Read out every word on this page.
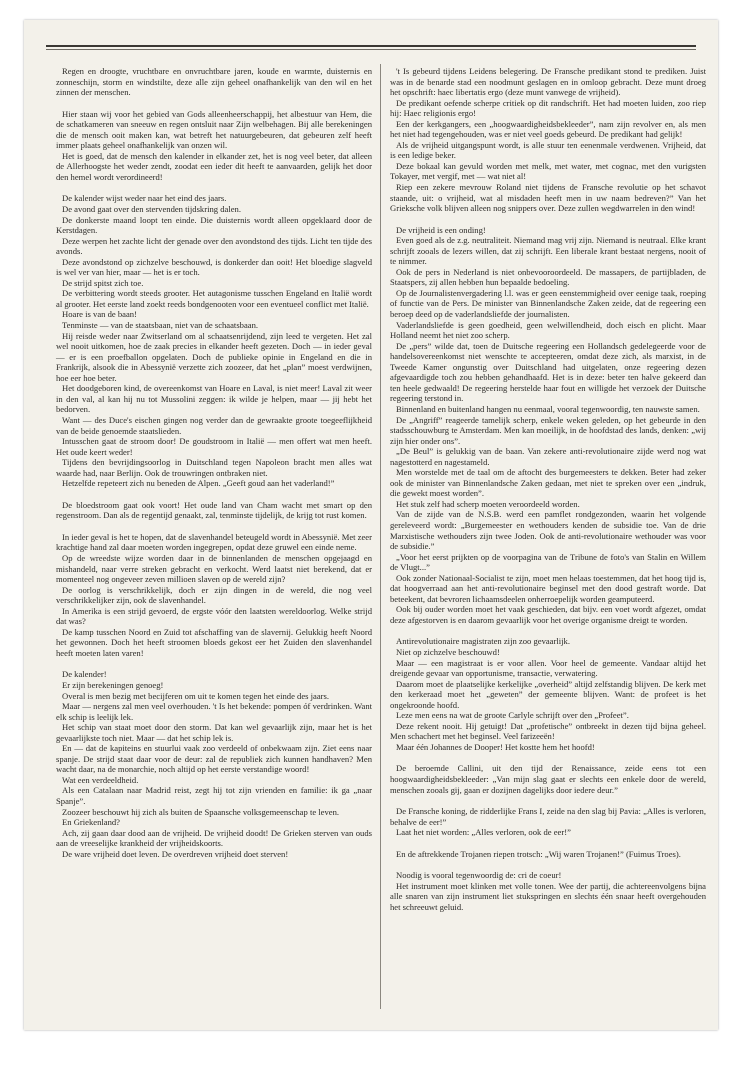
Regen en droogte, vruchtbare en onvruchtbare jaren, koude en warmte, duisternis en zonneschijn, storm en windstilte, deze alle zijn geheel onafhankelijk van den wil en het zinnen der menschen.

Hier staan wij voor het gebied van Gods alleenheerschappij, het albestuur van Hem, die de schatkameren van sneeuw en regen ontsluit naar Zijn welbehagen. Bij alle berekeningen die de mensch ooit maken kan, wat betreft het natuurgebeuren, dat gebeuren zelf heeft immer plaats geheel onafhankelijk van onzen wil.

Het is goed, dat de mensch den kalender in elkander zet, het is nog veel beter, dat alleen de Allerhoogste het weder zendt, zoodat een ieder dit heeft te aanvaarden, gelijk het door den hemel wordt verordineerd!

De kalender wijst weder naar het eind des jaars.

De avond gaat over den stervenden tijdskring dalen.

De donkerste maand loopt ten einde. Die duisternis wordt alleen opgeklaard door de Kerstdagen.

Deze werpen het zachte licht der genade over den avondstond des tijds. Licht ten tijde des avonds.

Deze avondstond op zichzelve beschouwd, is donkerder dan ooit! Het bloedige slagveld is wel ver van hier, maar — het is er toch.

De strijd spitst zich toe.

De verbittering wordt steeds grooter. Het autagonisme tusschen Engeland en Italië wordt al grooter. Het eerste land zoekt reeds bondgenooten voor een eventueel conflict met Italië.

Hoare is van de baan!

Tenminste — van de staatsbaan, niet van de schaatsbaan.

Hij reisde weder naar Zwitserland om al schaatsenrijdend, zijn leed te vergeten. Het zal wel nooit uitkomen, hoe de zaak precies in elkander heeft gezeten. Doch — in ieder geval — er is een proefballon opgelaten. Doch de publieke opinie in Engeland en die in Frankrijk, alsook die in Abessynië verzette zich zoozeer, dat het „plan” moest verdwijnen, hoe eer hoe beter.

Het doodgeboren kind, de overeenkomst van Hoare en Laval, is niet meer! Laval zit weer in den val, al kan hij nu tot Mussolini zeggen: ik wilde je helpen, maar — jij hebt het bedorven.

Want — des Duce's eischen gingen nog verder dan de gewraakte groote toegeeflijkheid van de beide genoemde staatslieden.

Intusschen gaat de stroom door! De goudstroom in Italië — men offert wat men heeft. Het oude keert weder!

Tijdens den bevrijdingsoorlog in Duitschland tegen Napoleon bracht men alles wat waarde had, naar Berlijn. Ook de trouwringen ontbraken niet.

Hetzelfde repeteert zich nu beneden de Alpen. „Geeft goud aan het vaderland!”

De bloedstroom gaat ook voort! Het oude land van Cham wacht met smart op den regenstroom. Dan als de regentijd genaakt, zal, tenminste tijdelijk, de krijg tot rust komen.

In ieder geval is het te hopen, dat de slavenhandel beteugeld wordt in Abessynië. Met zeer krachtige hand zal daar moeten worden ingegrepen, opdat deze gruwel een einde neme.

Op de wreedste wijze worden daar in de binnenlanden de menschen opgejaagd en mishandeld, naar verre streken gebracht en verkocht. Werd laatst niet berekend, dat er momenteel nog ongeveer zeven millioen slaven op de wereld zijn?

De oorlog is verschrikkelijk, doch er zijn dingen in de wereld, die nog veel verschrikkelijker zijn, ook de slavenhandel.

In Amerika is een strijd gevoerd, de ergste vóór den laatsten wereldoorlog. Welke strijd dat was?

De kamp tusschen Noord en Zuid tot afschaffing van de slavernij. Gelukkig heeft Noord het gewonnen. Doch het heeft stroomen bloeds gekost eer het Zuiden den slavenhandel heeft moeten laten varen!

De kalender!

Er zijn berekeningen genoeg!

Overal is men bezig met becijferen om uit te komen tegen het einde des jaars.

Maar — nergens zal men veel overhouden. 't Is het bekende: pompen óf verdrinken. Want elk schip is leelijk lek.

Het schip van staat moet door den storm. Dat kan wel gevaarlijk zijn, maar het is het gevaarlijkste toch niet. Maar — dat het schip lek is.

En — dat de kapiteins en stuurlui vaak zoo verdeeld of onbekwaam zijn. Ziet eens naar spanje. De strijd staat daar voor de deur: zal de republiek zich kunnen handhaven? Men wacht daar, na de monarchie, noch altijd op het eerste verstandige woord!

Wat een verdeeldheid.

Als een Catalaan naar Madrid reist, zegt hij tot zijn vrienden en familie: ik ga „naar Spanje”.

Zoozeer beschouwt hij zich als buiten de Spaansche volksgemeenschap te leven.

En Griekenland?

Ach, zij gaan daar dood aan de vrijheid. De vrijheid doodt! De Grieken sterven van ouds aan de vreeselijke krankheid der vrijheidskoorts.

De ware vrijheid doet leven. De overdreven vrijheid doet sterven!

't Is gebeurd tijdens Leidens belegering. De Fransche predikant stond te prediken. Juist was in de benarde stad een noodmunt geslagen en in omloop gebracht. Deze munt droeg het opschrift: haec libertatis ergo (deze munt vanwege de vrijheid).

De predikant oefende scherpe critiek op dit randschrift. Het had moeten luiden, zoo riep hij: Haec religionis ergo!

Een der kerkgangers, een „hoogwaardigheidsbekleeder”, nam zijn revolver en, als men het niet had tegengehouden, was er niet veel goeds gebeurd. De predikant had gelijk!

Als de vrijheid uitgangspunt wordt, is alle stuur ten eenenmale verdwenen. Vrijheid, dat is een ledige beker.

Deze bokaal kan gevuld worden met melk, met water, met cognac, met den vurigsten Tokayer, met vergif, met — wat niet al!

Riep een zekere mevrouw Roland niet tijdens de Fransche revolutie op het schavot staande, uit: o vrijheid, wat al misdaden heeft men in uw naam bedreven?” Van het Grieksche volk blijven alleen nog snippers over. Deze zullen wegdwarrelen in den wind!

De vrijheid is een onding!

Even goed als de z.g. neutraliteit. Niemand mag vrij zijn. Niemand is neutraal. Elke krant schrijft zooals de lezers willen, dat zij schrijft. Een liberale krant bestaat nergens, nooit of te nimmer.

Ook de pers in Nederland is niet onbevooroordeeld. De massapers, de partijbladen, de Staatspers, zij allen hebben hun bepaalde bedoeling.

Op de Journalistenvergadering l.l. was er geen eenstemmigheid over eenige taak, roeping of functie van de Pers. De minister van Binnenlandsche Zaken zeide, dat de regeering een beroep deed op de vaderlandsliefde der journalisten.

Vaderlandsliefde is geen goedheid, geen welwillendheid, doch eisch en plicht. Maar Holland neemt het niet zoo scherp.

De „pers” wilde dat, toen de Duitsche regeering een Hollandsch gedelegeerde voor de handelsovereenkomst niet wenschte te accepteeren, omdat deze zich, als marxist, in de Tweede Kamer ongunstig over Duitschland had uitgelaten, onze regeering dezen afgevaardigde toch zou hebben gehandhaafd. Het is in deze: beter ten halve gekeerd dan ten heele gedwaald! De regeering herstelde haar fout en willigde het verzoek der Duitsche regeering terstond in.

Binnenland en buitenland hangen nu eenmaal, vooral tegenwoordig, ten nauwste samen.

De „Angriff” reageerde tamelijk scherp, enkele weken geleden, op het gebeurde in den stadsschouwburg te Amsterdam. Men kan moeilijk, in de hoofdstad des lands, denken: „wij zijn hier onder ons”.

„De Beul” is gelukkig van de baan. Van zekere anti-revolutionaire zijde werd nog wat nagestotterd en nagestameld.

Men worstelde met de taal om de aftocht des burgemeesters te dekken. Beter had zeker ook de minister van Binnenlandsche Zaken gedaan, met niet te spreken over een „indruk, die gewekt moest worden”.

Het stuk zelf had scherp moeten veroordeeld worden.

Van de zijde van de N.S.B. werd een pamflet rondgezonden, waarin het volgende gereleveerd wordt: „Burgemeester en wethouders kenden de subsidie toe. Van de drie Marxistische wethouders zijn twee Joden. Ook de anti-revolutionaire wethouder was voor de subsidie.”

„Voor het eerst prijkten op de voorpagina van de Tribune de foto's van Stalin en Willem de Vlugt...”

Ook zonder Nationaal-Socialist te zijn, moet men helaas toestemmen, dat het hoog tijd is, dat hoogverraad aan het anti-revolutionaire beginsel met den dood gestraft worde. Dat beteekent, dat bevroren lichaamsdeelen onherroepelijk worden geamputeerd.

Ook bij ouder worden moet het vaak geschieden, dat bijv. een voet wordt afgezet, omdat deze afgestorven is en daarom gevaarlijk voor het overige organisme dreigt te worden.

Antirevolutionaire magistraten zijn zoo gevaarlijk.

Niet op zichzelve beschouwd!

Maar — een magistraat is er voor allen. Voor heel de gemeente. Vandaar altijd het dreigende gevaar van opportunisme, transactie, verwatering.

Daarom moet de plaatselijke kerkelijke „overheid” altijd zelfstandig blijven. De kerk met den kerkeraad moet het „geweten” der gemeente blijven. Want: de profeet is het ongekroonde hoofd.

Leze men eens na wat de groote Carlyle schrijft over den „Profeet”.

Deze rekent nooit. Hij getuigt! Dat „profetische” ontbreekt in dezen tijd bijna geheel. Men schachert met het beginsel. Veel farizeeën!

Maar één Johannes de Dooper! Het kostte hem het hoofd!

De beroemde Callini, uit den tijd der Renaissance, zeide eens tot een hoogwaardigheidsbekleeder: „Van mijn slag gaat er slechts een enkele door de wereld, menschen zooals gij, gaan er dozijnen dagelijks door iedere deur.”

De Fransche koning, de ridderlijke Frans I, zeide na den slag bij Pavia: „Alles is verloren, behalve de eer!”

Laat het niet worden: „Alles verloren, ook de eer!”

En de aftrekkende Trojanen riepen trotsch: „Wij waren Trojanen!” (Fuimus Troes).

Noodig is vooral tegenwoordig de: cri de coeur!

Het instrument moet klinken met volle tonen. Wee der partij, die achtereenvolgens bijna alle snaren van zijn instrument liet stukspringen en slechts één snaar heeft overgehouden het schreeuwt geluid.
